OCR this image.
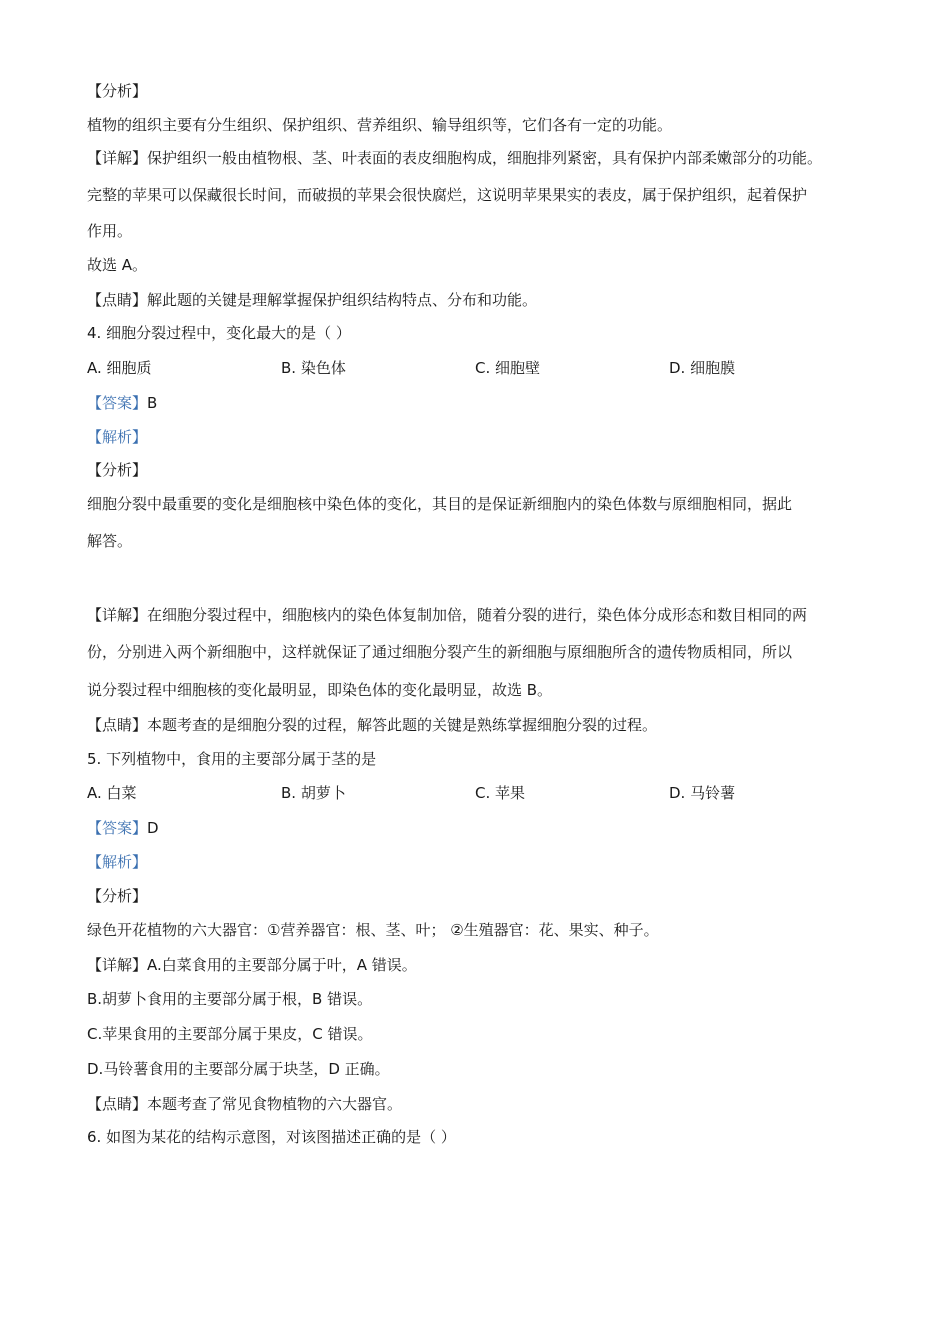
【分析】
植物的组织主要有分生组织、保护组织、营养组织、输导组织等，它们各有一定的功能。
【详解】保护组织一般由植物根、茎、叶表面的表皮细胞构成，细胞排列紧密，具有保护内部柔嫩部分的功能。
完整的苹果可以保藏很长时间，而破损的苹果会很快腐烂，这说明苹果果实的表皮，属于保护组织，起着保护
作用。
故选 A。
【点睛】解此题的关键是理解掌握保护组织结构特点、分布和功能。
4. 细胞分裂过程中，变化最大的是（ ）
A. 细胞质	B. 染色体	C. 细胞壁	D. 细胞膜
【答案】B
【解析】
【分析】
细胞分裂中最重要的变化是细胞核中染色体的变化，其目的是保证新细胞内的染色体数与原细胞相同，据此
解答。
【详解】在细胞分裂过程中，细胞核内的染色体复制加倍，随着分裂的进行，染色体分成形态和数目相同的两
份，分别进入两个新细胞中，这样就保证了通过细胞分裂产生的新细胞与原细胞所含的遗传物质相同，所以
说分裂过程中细胞核的变化最明显，即染色体的变化最明显，故选 B。
【点睛】本题考查的是细胞分裂的过程，解答此题的关键是熟练掌握细胞分裂的过程。
5. 下列植物中，食用的主要部分属于茎的是
A. 白菜	B. 胡萝卜	C. 苹果	D. 马铃薯
【答案】D
【解析】
【分析】
绿色开花植物的六大器官：①营养器官：根、茎、叶； ②生殖器官：花、果实、种子。
【详解】A.白菜食用的主要部分属于叶，A 错误。
B.胡萝卜食用的主要部分属于根，B 错误。
C.苹果食用的主要部分属于果皮，C 错误。
D.马铃薯食用的主要部分属于块茎，D 正确。
【点睛】本题考查了常见食物植物的六大器官。
6. 如图为某花的结构示意图，对该图描述正确的是（ ）
